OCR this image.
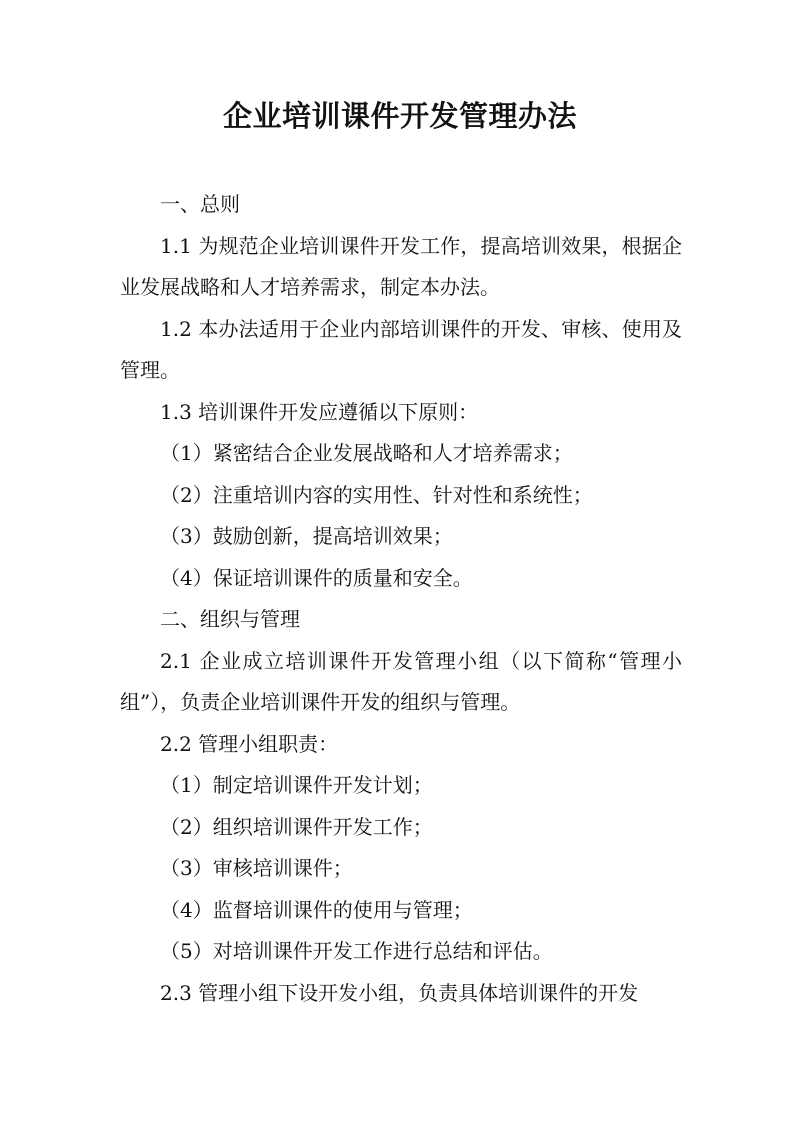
企业培训课件开发管理办法

一、总则

1.1 为规范企业培训课件开发工作，提高培训效果，根据企业发展战略和人才培养需求，制定本办法。

1.2 本办法适用于企业内部培训课件的开发、审核、使用及管理。

1.3 培训课件开发应遵循以下原则：

（1）紧密结合企业发展战略和人才培养需求；

（2）注重培训内容的实用性、针对性和系统性；

（3）鼓励创新，提高培训效果；

（4）保证培训课件的质量和安全。

二、组织与管理

2.1 企业成立培训课件开发管理小组（以下简称“管理小组”），负责企业培训课件开发的组织与管理。

2.2 管理小组职责：

（1）制定培训课件开发计划；

（2）组织培训课件开发工作；

（3）审核培训课件；

（4）监督培训课件的使用与管理；

（5）对培训课件开发工作进行总结和评估。

2.3 管理小组下设开发小组，负责具体培训课件的开发
